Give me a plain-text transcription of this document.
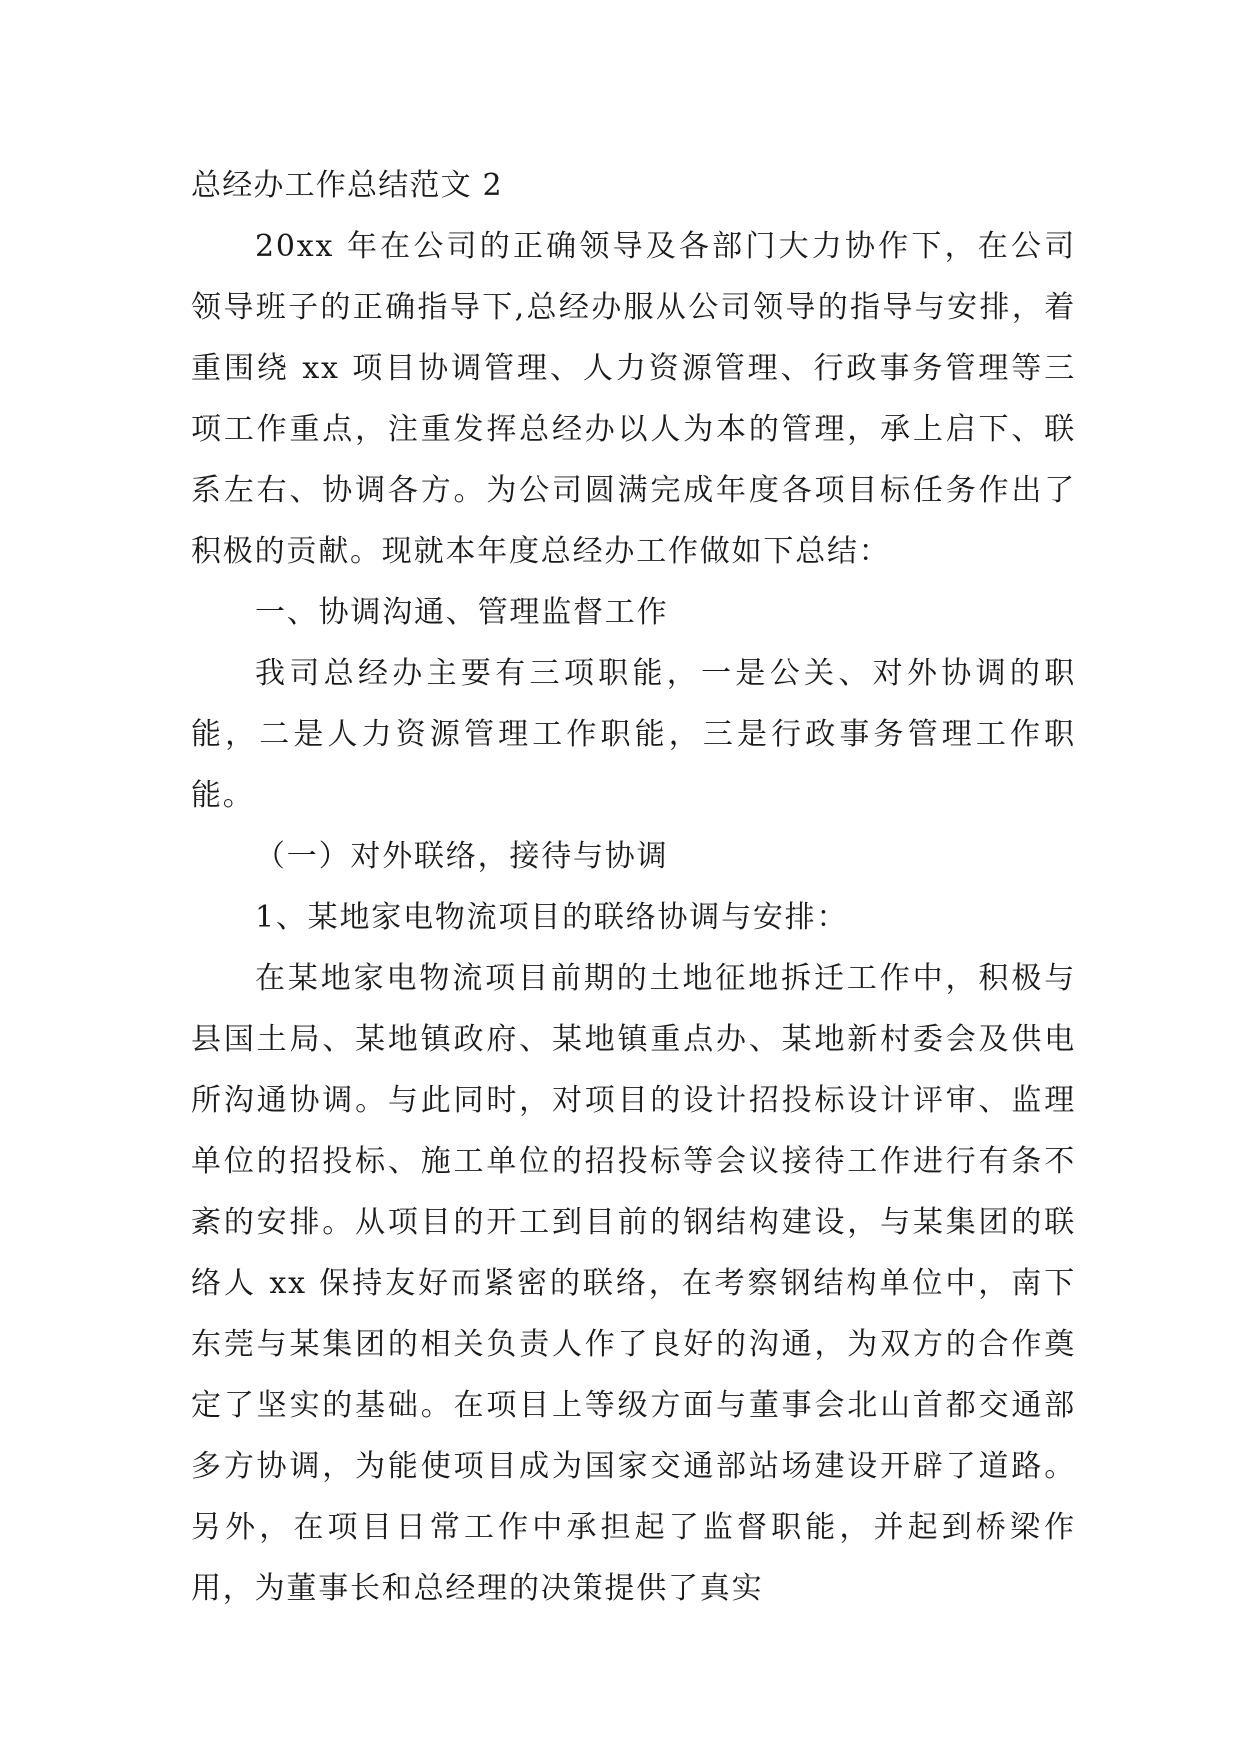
总经办工作总结范文 2

20xx 年在公司的正确领导及各部门大力协作下，在公司领导班子的正确指导下,总经办服从公司领导的指导与安排，着重围绕 xx 项目协调管理、人力资源管理、行政事务管理等三项工作重点，注重发挥总经办以人为本的管理，承上启下、联系左右、协调各方。为公司圆满完成年度各项目标任务作出了积极的贡献。现就本年度总经办工作做如下总结：

一、协调沟通、管理监督工作

我司总经办主要有三项职能，一是公关、对外协调的职能，二是人力资源管理工作职能，三是行政事务管理工作职能。

（一）对外联络，接待与协调

1、某地家电物流项目的联络协调与安排：

在某地家电物流项目前期的土地征地拆迁工作中，积极与县国土局、某地镇政府、某地镇重点办、某地新村委会及供电所沟通协调。与此同时，对项目的设计招投标设计评审、监理单位的招投标、施工单位的招投标等会议接待工作进行有条不紊的安排。从项目的开工到目前的钢结构建设，与某集团的联络人 xx 保持友好而紧密的联络，在考察钢结构单位中，南下东莞与某集团的相关负责人作了良好的沟通，为双方的合作奠定了坚实的基础。在项目上等级方面与董事会北山首都交通部多方协调，为能使项目成为国家交通部站场建设开辟了道路。另外，在项目日常工作中承担起了监督职能，并起到桥梁作用，为董事长和总经理的决策提供了真实
